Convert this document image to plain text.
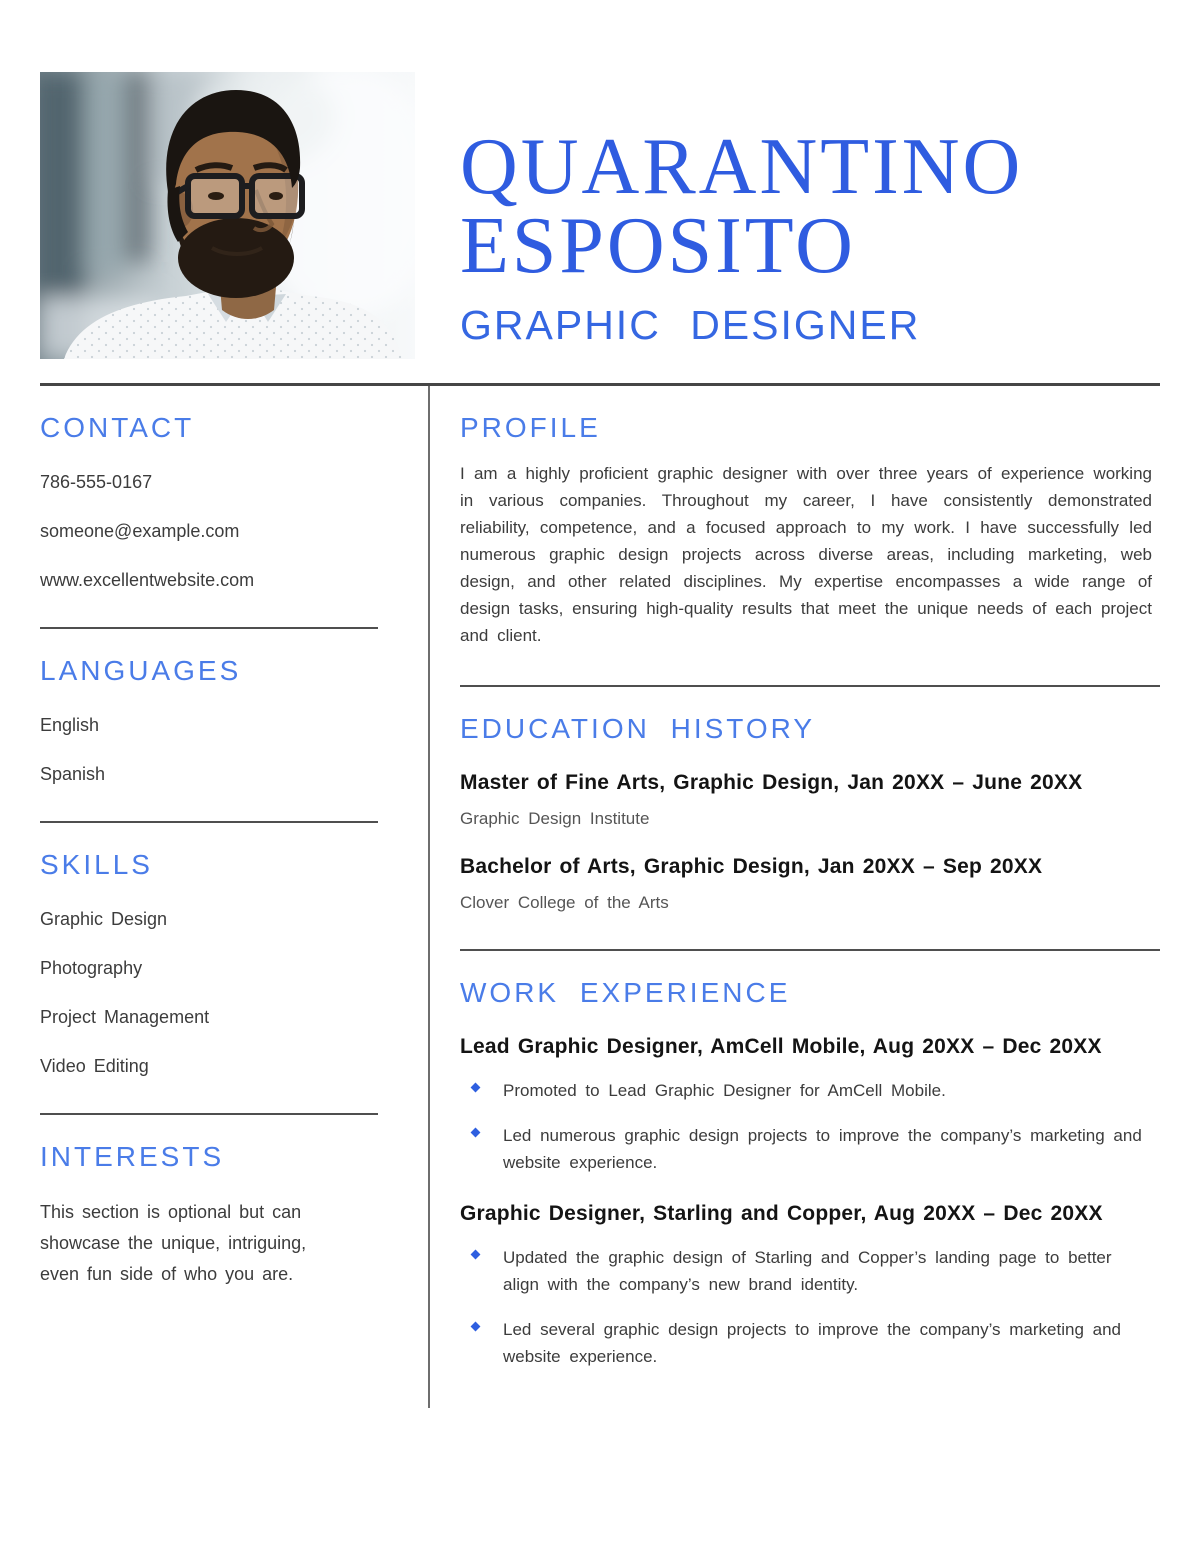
QUARANTINO
ESPOSITO
GRAPHIC DESIGNER
CONTACT
786-555-0167
someone@example.com
www.excellentwebsite.com
LANGUAGES
English
Spanish
SKILLS
Graphic Design
Photography
Project Management
Video Editing
INTERESTS

This section is optional but can showcase the unique, intriguing, even fun side of who you are.

PROFILE

I am a highly proficient graphic designer with over three years of experience working in various companies. Throughout my career, I have consistently demonstrated reliability, competence, and a focused approach to my work. I have successfully led numerous graphic design projects across diverse areas, including marketing, web design, and other related disciplines. My expertise encompasses a wide range of design tasks, ensuring high-quality results that meet the unique needs of each project and client.

EDUCATION HISTORY
Master of Fine Arts, Graphic Design, Jan 20XX – June 20XX
Graphic Design Institute
Bachelor of Arts, Graphic Design, Jan 20XX – Sep 20XX
Clover College of the Arts
WORK EXPERIENCE
Lead Graphic Designer, AmCell Mobile, Aug 20XX – Dec 20XX
Promoted to Lead Graphic Designer for AmCell Mobile.
Led numerous graphic design projects to improve the company’s marketing and website experience.
Graphic Designer, Starling and Copper, Aug 20XX – Dec 20XX
Updated the graphic design of Starling and Copper’s landing page to better align with the company’s new brand identity.
Led several graphic design projects to improve the company’s marketing and website experience.
